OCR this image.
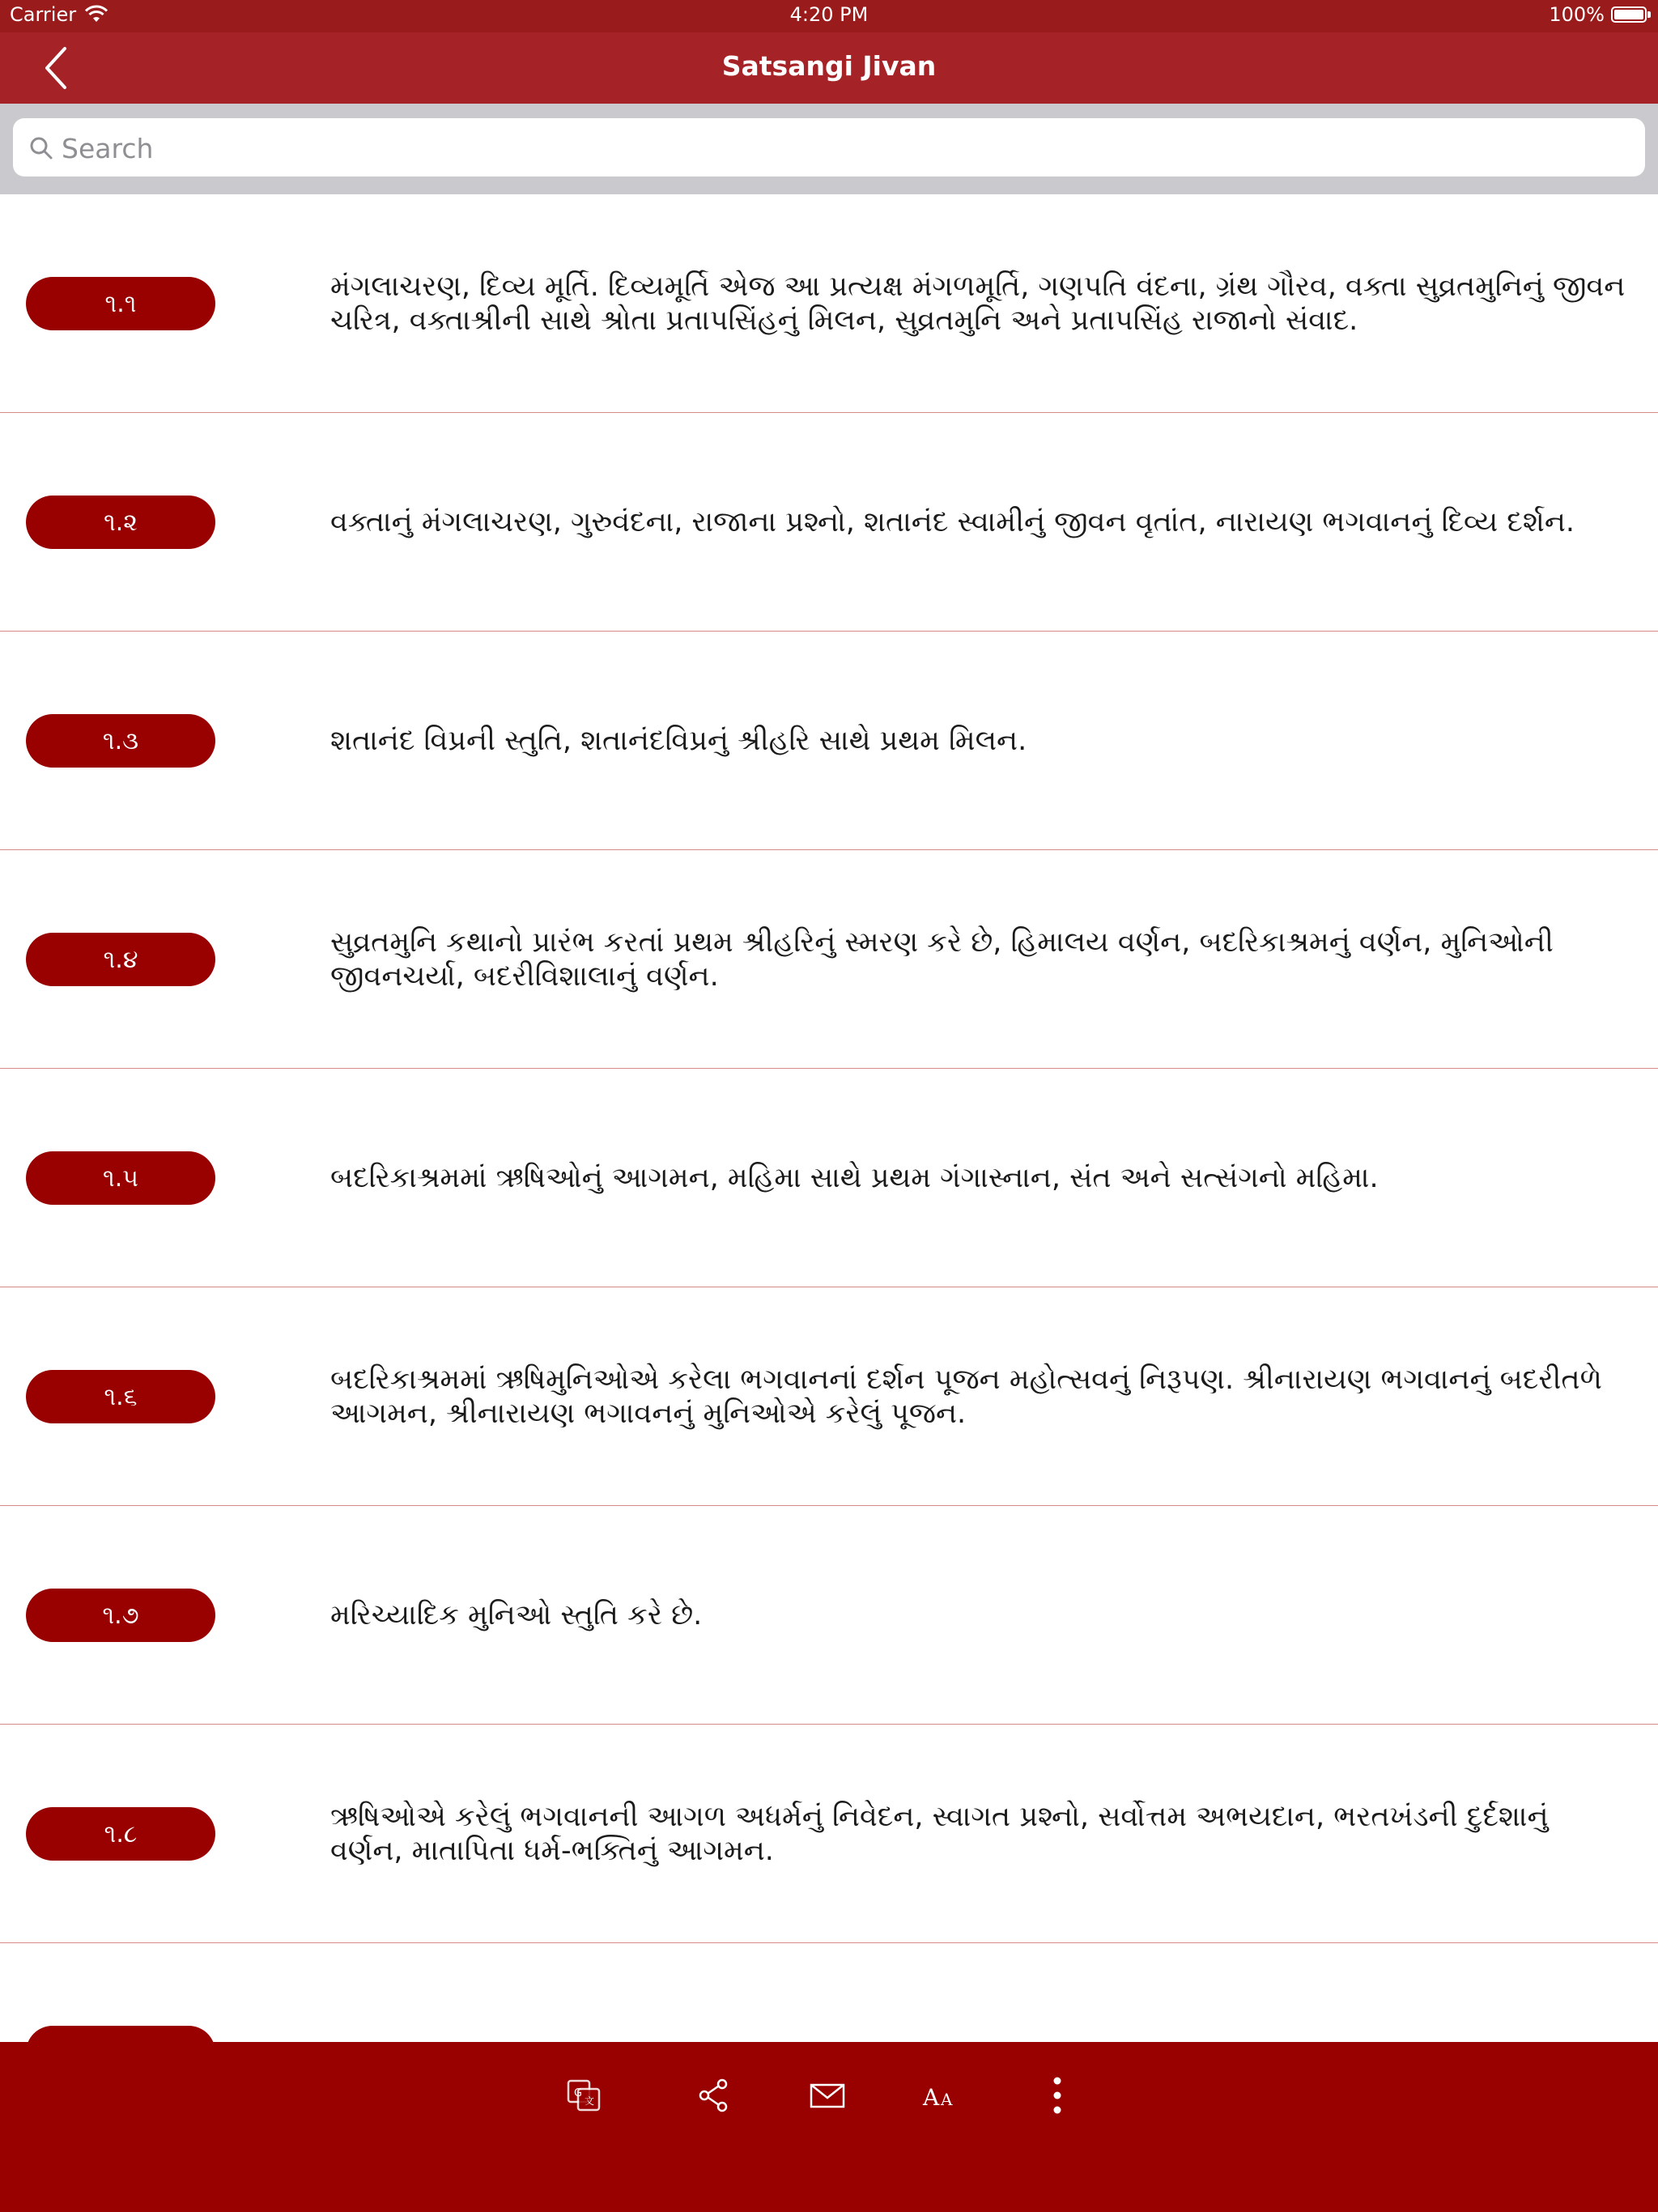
Carrier	4:20 PM	100%
Satsangi Jivan
Search
૧.૧
મંગલાચરણ, દિવ્ય મૂર્તિ. દિવ્યમૂર્તિ એજ આ પ્રત્યક્ષ મંગળમૂર્તિ, ગણપતિ વંદના, ગ્રંથ ગૌરવ, વક્તા સુવ્રતમુનિનું જીવન ચરિત્ર, વક્તાશ્રીની સાથે શ્રોતા પ્રતાપસિંહનું મિલન, સુવ્રતમુનિ અને પ્રતાપસિંહ રાજાનો સંવાદ.
૧.૨	વક્તાનું મંગલાચરણ, ગુરુવંદના, રાજાના પ્રશ્નો, શતાનંદ સ્વામીનું જીવન વૃતાંત, નારાયણ ભગવાનનું દિવ્ય દર્શન.
૧.૩	શતાનંદ વિપ્રની સ્તુતિ, શતાનંદવિપ્રનું શ્રીહરિ સાથે પ્રથમ મિલન.
૧.૪
સુવ્રતમુનિ કથાનો પ્રારંભ કરતાં પ્રથમ શ્રીહરિનું સ્મરણ કરે છે, હિમાલય વર્ણન, બદરિકાશ્રમનું વર્ણન, મુનિઓની જીવનચર્યા, બદરીવિશાલાનું વર્ણન.
૧.૫	બદરિકાશ્રમમાં ઋષિઓનું આગમન, મહિમા સાથે પ્રથમ ગંગાસ્નાન, સંત અને સત્સંગનો મહિમા.
૧.૬
બદરિકાશ્રમમાં ઋષિમુનિઓએ કરેલા ભગવાનનાં દર્શન પૂજન મહોત્સવનું નિરૂપણ. શ્રીનારાયણ ભગવાનનું બદરીતળે આગમન, શ્રીનારાયણ ભગાવનનું મુનિઓએ કરેલું પૂજન.
૧.૭	મરિચ્યાદિક મુનિઓ સ્તુતિ કરે છે.
૧.૮
ઋષિઓએ કરેલું ભગવાનની આગળ અધર્મનું નિવેદન, સ્વાગત પ્રશ્નો, સર્વોત્તમ અભયદાન, ભરતખંડની દુર્દશાનું વર્ણન, માતાપિતા ધર્મ-ભક્તિનું આગમન.
G
文	A A
